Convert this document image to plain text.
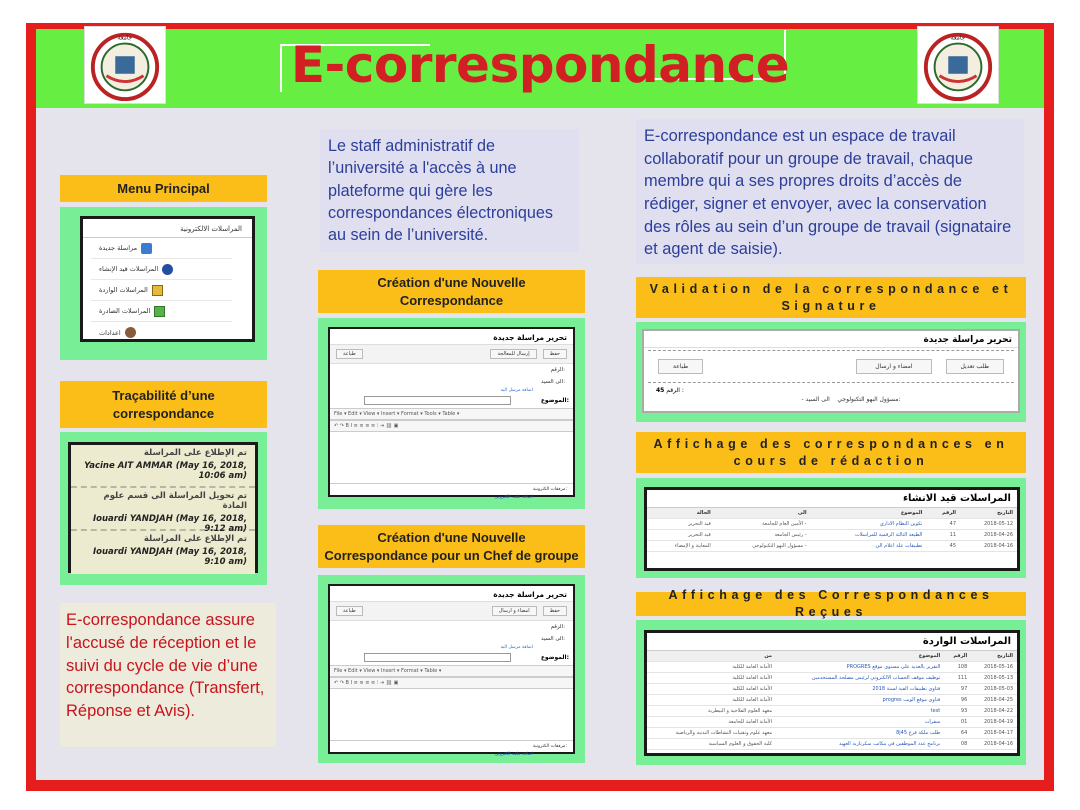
E-correspondance
جامعة	جامعة
Menu Principal
المراسلات الالكترونية
مراسلة جديدة
المراسلات قيد الإنشاء
المراسلات الواردة
المراسلات الصادرة
اعدادات
Traçabilité d’une correspondance
تم الإطلاع على المراسلة
Yacine AIT AMMAR (May 16, 2018, 10:06 am)
تم تحويل المراسلة الى قسم علوم المادة
Iouardi YANDJAH (May 16, 2018, 9:12 am)
تم الإطلاع على المراسلة
Iouardi YANDJAH (May 16, 2018, 9:10 am)
E-correspondance assure l'accusé de réception et le suivi du cycle de vie d’une correspondance (Transfert, Réponse et Avis).
Le staff administratif de l’université a l'accès à une plateforme qui gère les correspondances électroniques au sein de l’université.
Création d'une Nouvelle Correspondance
تحرير مراسلة جديدة
طباعة	إرسال للمعالجة	حفظ
الرقم:
الى السيد:
اضافة مرسل اليه
الموضوع:
File ▾ Edit ▾ View ▾ Insert ▾ Format ▾ Tools ▾ Table ▾
↶ ↷ B I ≡ ≡ ≡ ≡ ⁝ ⇥ ⛓ ▣
مرفقات الكترونية:
اضافة ملف الكتروني
Création d'une Nouvelle Correspondance pour un Chef de groupe
تحرير مراسلة جديدة
طباعة	امضاء و ارسال	حفظ
الرقم:
الى السيد:
اضافة مرسل اليه
الموضوع:
File ▾ Edit ▾ View ▾ Insert ▾ Format ▾ Table ▾
↶ ↷ B I ≡ ≡ ≡ ≡ ⁝ ⇥ ⛓ ▣
مرفقات الكترونية:
اضافة ملف الكتروني
E-correspondance est un espace de travail collaboratif pour un groupe de travail, chaque membre qui a ses propres droits d’accès de rédiger, signer et envoyer, avec la conservation des rôles au sein d’un groupe de travail (signataire et agent de saisie).
Validation de la correspondance et Signature
تحرير مراسلة جديدة
طباعة	امضاء و ارسال	طلب تعديل
45 الرقم :
- مسؤول البهو التكنولوجي    الى السيد:
Affichage des correspondances en cours de rédaction
المراسلات قيد الانشاء
التاريخ	الرقم	الموضوع	الى	الحالة
2018-05-12	47	تكوين النظام الاداري	- الأمين العام للجامعة	قيد التحرير
2018-04-26	11	الطبعة الثالثة الرقمية للمراسلات	- رئيس الجامعة	قيد التحرير
2018-04-16	45	تطبيقات علة اعلام الي	- مسؤول البهو التكنولوجي	المعاينة و الإمضاء
Affichage des Correspondances Reçues
المراسلات الواردة
التاريخ	الرقم	الموضوع	من
2018-05-16	108	التقرير بالعديد على مستوى موقع PROGRES	الأمانة العامة للكلية
2018-05-13	111	توظيف موقف الحساب الالكتروني لرئيس مصلحة المستخدمين	الأمانة العامة للكلية
2018-05-03	97	فتاوى تطبيقات الفية لسنة 2018	الأمانة العامة للكلية
2018-04-25	96	فتاوى موقع الويب progres	الأمانة العامة للكلية
2018-04-22	93	test	معهد العلوم الفلاحية و البيطرية
2018-04-19	01	سفرات	الأمانة العامة للجامعة
2018-04-17	64	طلب ملكة فرع 8j45	معهد علوم وتقنيات النشاطات البدنية والرياضية
2018-04-16	08	برنامج عدد الموظفين في مكاتب سكرتارية العهيد	كلية الحقوق و العلوم السياسية
